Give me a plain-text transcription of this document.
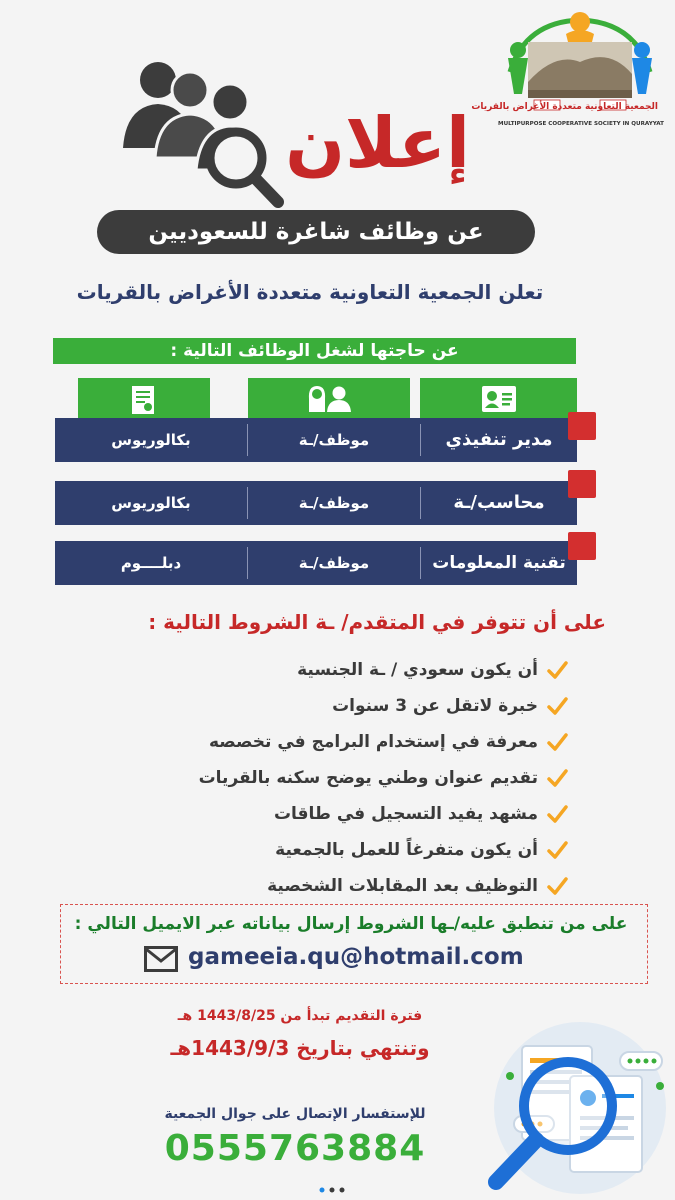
الجمعية التعاونية متعددة الأغراض بالقريات
MULTIPURPOSE COOPERATIVE SOCIETY IN QURAYYAT
إعلان
عن وظائف شاغرة للسعوديين
تعلن الجمعية التعاونية متعددة الأغراض بالقريات
عن حاجتها لشغل الوظائف التالية :
مدير تنفيذي
موظف/ـة
بكالوريوس
محاسب/ـة
موظف/ـة
بكالوريوس
تقنية المعلومات
موظف/ـة
دبلــــوم
على أن تتوفر في المتقدم/ ـة الشروط التالية :
أن يكون سعودي / ـة الجنسية
خبرة لاتقل عن 3 سنوات
معرفة في إستخدام البرامج في تخصصه
تقديم عنوان وطني يوضح سكنه بالقريات
مشهد يفيد التسجيل في طاقات
أن يكون متفرغاً للعمل بالجمعية
التوظيف بعد المقابلات الشخصية
على من تنطبق عليه/ـها الشروط إرسال بياناته عبر الايميل التالي :
gameeia.qu@hotmail.com
فترة التقديم تبدأ من 1443/8/25 هـ
وتنتهي بتاريخ 1443/9/3هـ
للإستفسار الإتصال على جوال الجمعية
0555763884
